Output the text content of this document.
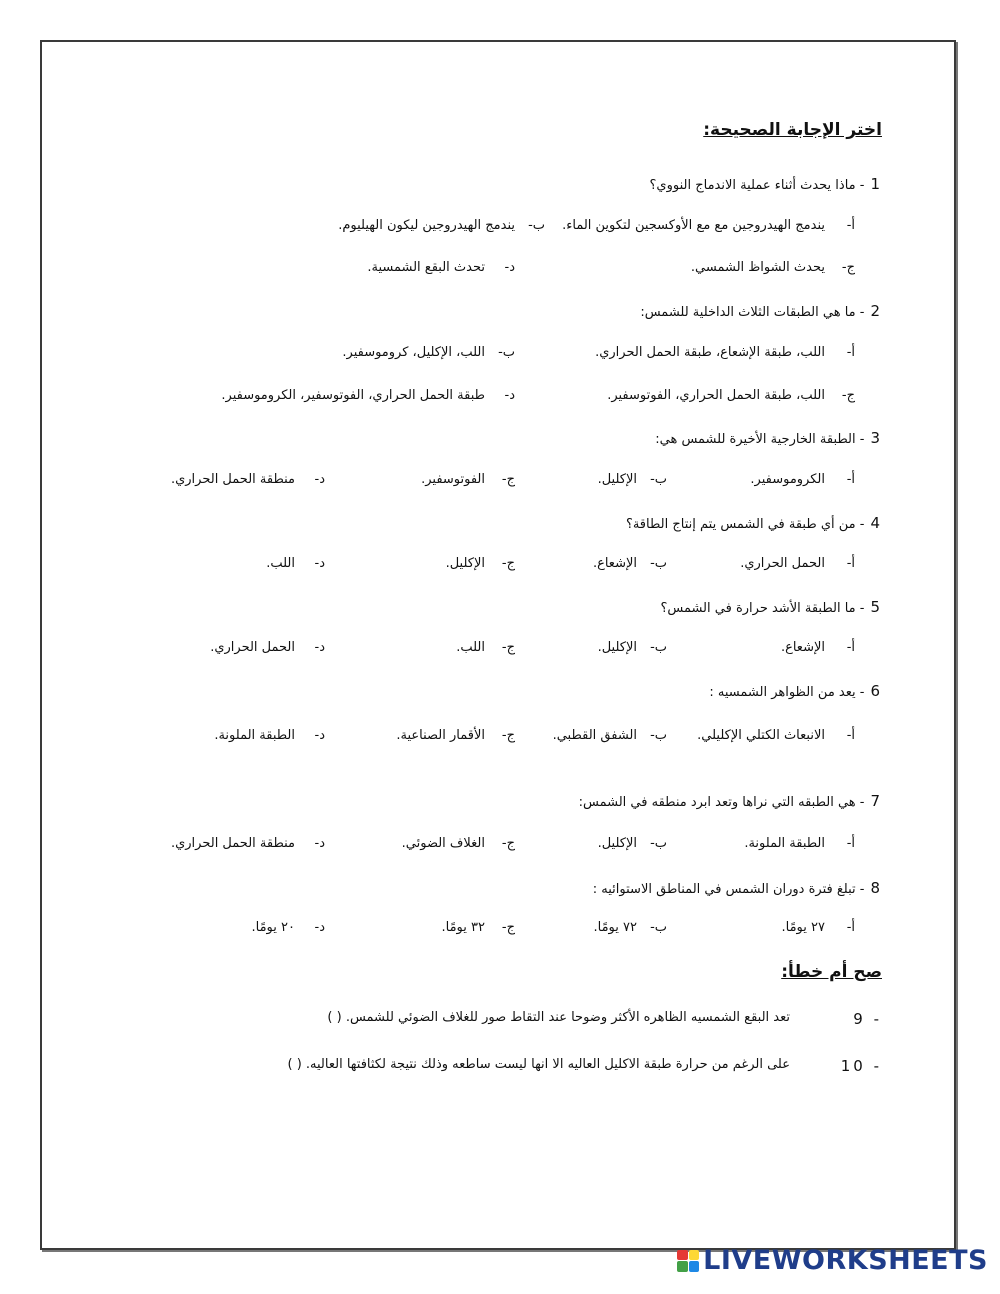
اختر الإجابة الصحيحة:
1- ماذا يحدث أثناء عملية الاندماج النووي؟
أ-يندمج الهيدروجين مع مع الأوكسجين لتكوين الماء.
ب-يندمج الهيدروجين ليكون الهيليوم.
ج-يحدث الشواظ الشمسي.
د-تحدث البقع الشمسية.
2- ما هي الطبقات الثلاث الداخلية للشمس:
أ-اللب، طبقة الإشعاع، طبقة الحمل الحراري.
ب-اللب، الإكليل، كروموسفير.
ج-اللب، طبقة الحمل الحراري، الفوتوسفير.
د-طبقة الحمل الحراري، الفوتوسفير، الكروموسفير.
3- الطبقة الخارجية الأخيرة للشمس هي:
أ-الكروموسفير.
ب-الإكليل.
ج-الفوتوسفير.
د-منطقة الحمل الحراري.
4- من أي طبقة في الشمس يتم إنتاج الطاقة؟
أ-الحمل الحراري.
ب-الإشعاع.
ج-الإكليل.
د-اللب.
5- ما الطبقة الأشد حرارة في الشمس؟
أ-الإشعاع.
ب-الإكليل.
ج-اللب.
د-الحمل الحراري.
6- يعد من الظواهر الشمسيه :
أ-الانبعاث الكتلي الإكليلي.
ب-الشفق القطبي.
ج-الأقمار الصناعية.
د-الطبقة الملونة.
7- هي الطبقه التي نراها وتعد ابرد منطقه في الشمس:
أ-الطبقة الملونة.
ب-الإكليل.
ج-الغلاف الضوئي.
د-منطقة الحمل الحراري.
8- تبلغ فترة دوران الشمس في المناطق الاستوائيه :
أ-٢٧ يومًا.
ب-٧٢ يومًا.
ج-٣٢ يومًا.
د-٢٠ يومًا.
صح أم خطأ:
9 -
تعد البقع الشمسيه الظاهره الأكثر وضوحا عند التقاط صور للغلاف الضوئي للشمس. ( )
10 -
على الرغم من حرارة طبقة الاكليل العاليه الا انها ليست ساطعه وذلك نتيجة لكثافتها العاليه. ( )
LIVEWORKSHEETS
